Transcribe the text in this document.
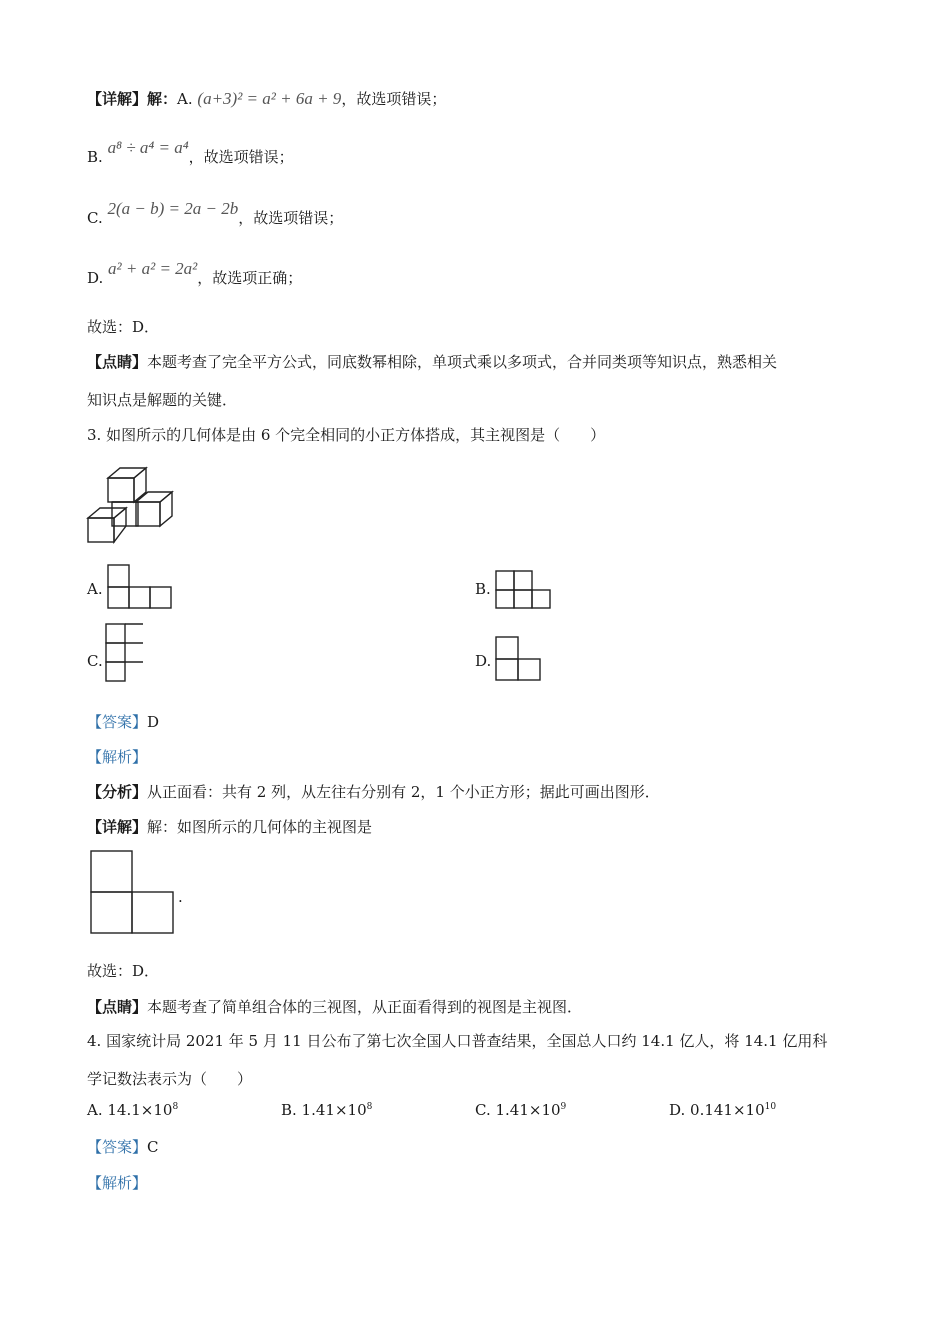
【详解】解：A. (a+3)² = a² + 6a + 9，故选项错误；
B. a⁸ ÷ a⁴ = a⁴，故选项错误；
C. 2(a − b) = 2a − 2b，故选项错误；
D. a² + a² = 2a²，故选项正确；
故选：D．
【点睛】本题考查了完全平方公式，同底数幂相除，单项式乘以多项式，合并同类项等知识点，熟悉相关
知识点是解题的关键．
3. 如图所示的几何体是由 6 个完全相同的小正方体搭成，其主视图是（　　）
A.	B.
C.	D.
【答案】D
【解析】
【分析】从正面看：共有 2 列，从左往右分别有 2，1 个小正方形；据此可画出图形．
【详解】解：如图所示的几何体的主视图是
.
故选：D．
【点睛】本题考查了简单组合体的三视图，从正面看得到的视图是主视图．
4. 国家统计局 2021 年 5 月 11 日公布了第七次全国人口普查结果，全国总人口约 14.1 亿人，将 14.1 亿用科
学记数法表示为（　　）
A. $14.1\times 10^8$	B. $1.41\times 10^8$	C. $1.41\times 10^9$	D. $0.141\times 10^{10}$
【答案】C
【解析】
